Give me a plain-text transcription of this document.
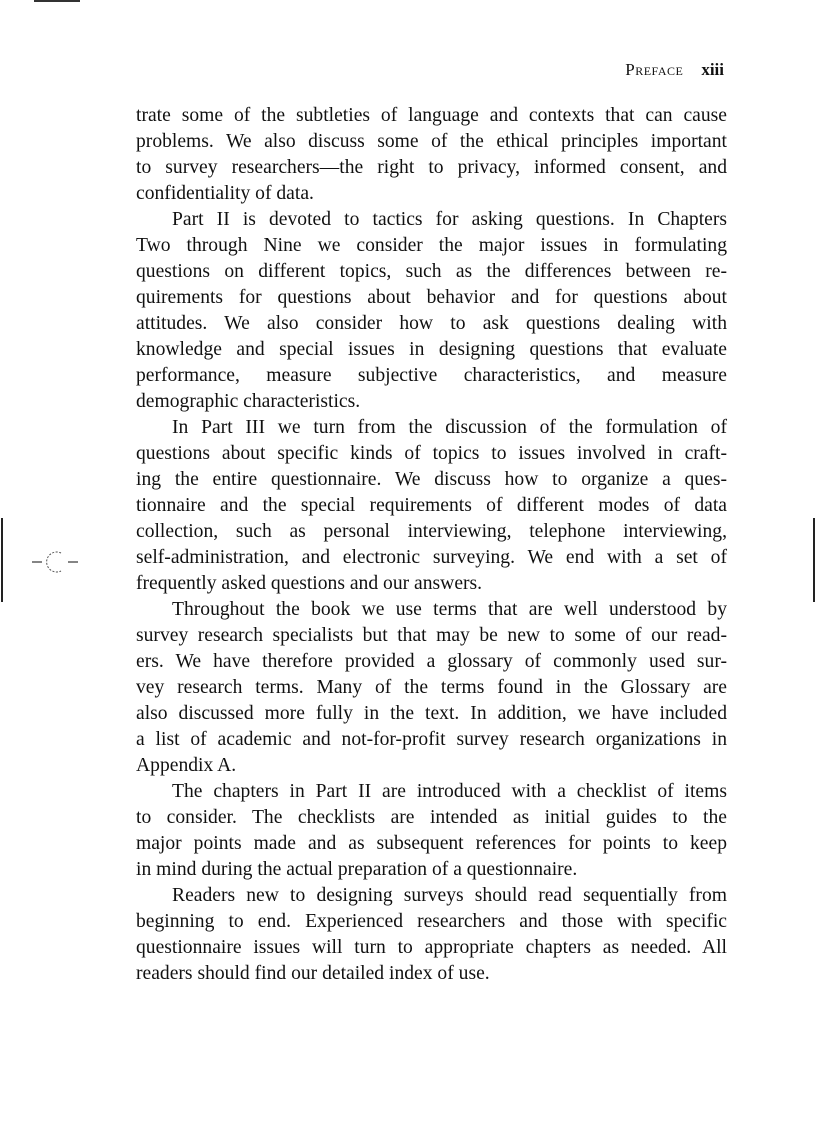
Preface xiii
trate some of the subtleties of language and contexts that can cause
problems. We also discuss some of the ethical principles important
to survey researchers—the right to privacy, informed consent, and
confidentiality of data.
Part II is devoted to tactics for asking questions. In Chapters
Two through Nine we consider the major issues in formulating
questions on different topics, such as the differences between re-
quirements for questions about behavior and for questions about
attitudes. We also consider how to ask questions dealing with
knowledge and special issues in designing questions that evaluate
performance, measure subjective characteristics, and measure
demographic characteristics.
In Part III we turn from the discussion of the formulation of
questions about specific kinds of topics to issues involved in craft-
ing the entire questionnaire. We discuss how to organize a ques-
tionnaire and the special requirements of different modes of data
collection, such as personal interviewing, telephone interviewing,
self-administration, and electronic surveying. We end with a set of
frequently asked questions and our answers.
Throughout the book we use terms that are well understood by
survey research specialists but that may be new to some of our read-
ers. We have therefore provided a glossary of commonly used sur-
vey research terms. Many of the terms found in the Glossary are
also discussed more fully in the text. In addition, we have included
a list of academic and not-for-profit survey research organizations in
Appendix A.
The chapters in Part II are introduced with a checklist of items
to consider. The checklists are intended as initial guides to the
major points made and as subsequent references for points to keep
in mind during the actual preparation of a questionnaire.
Readers new to designing surveys should read sequentially from
beginning to end. Experienced researchers and those with specific
questionnaire issues will turn to appropriate chapters as needed. All
readers should find our detailed index of use.
